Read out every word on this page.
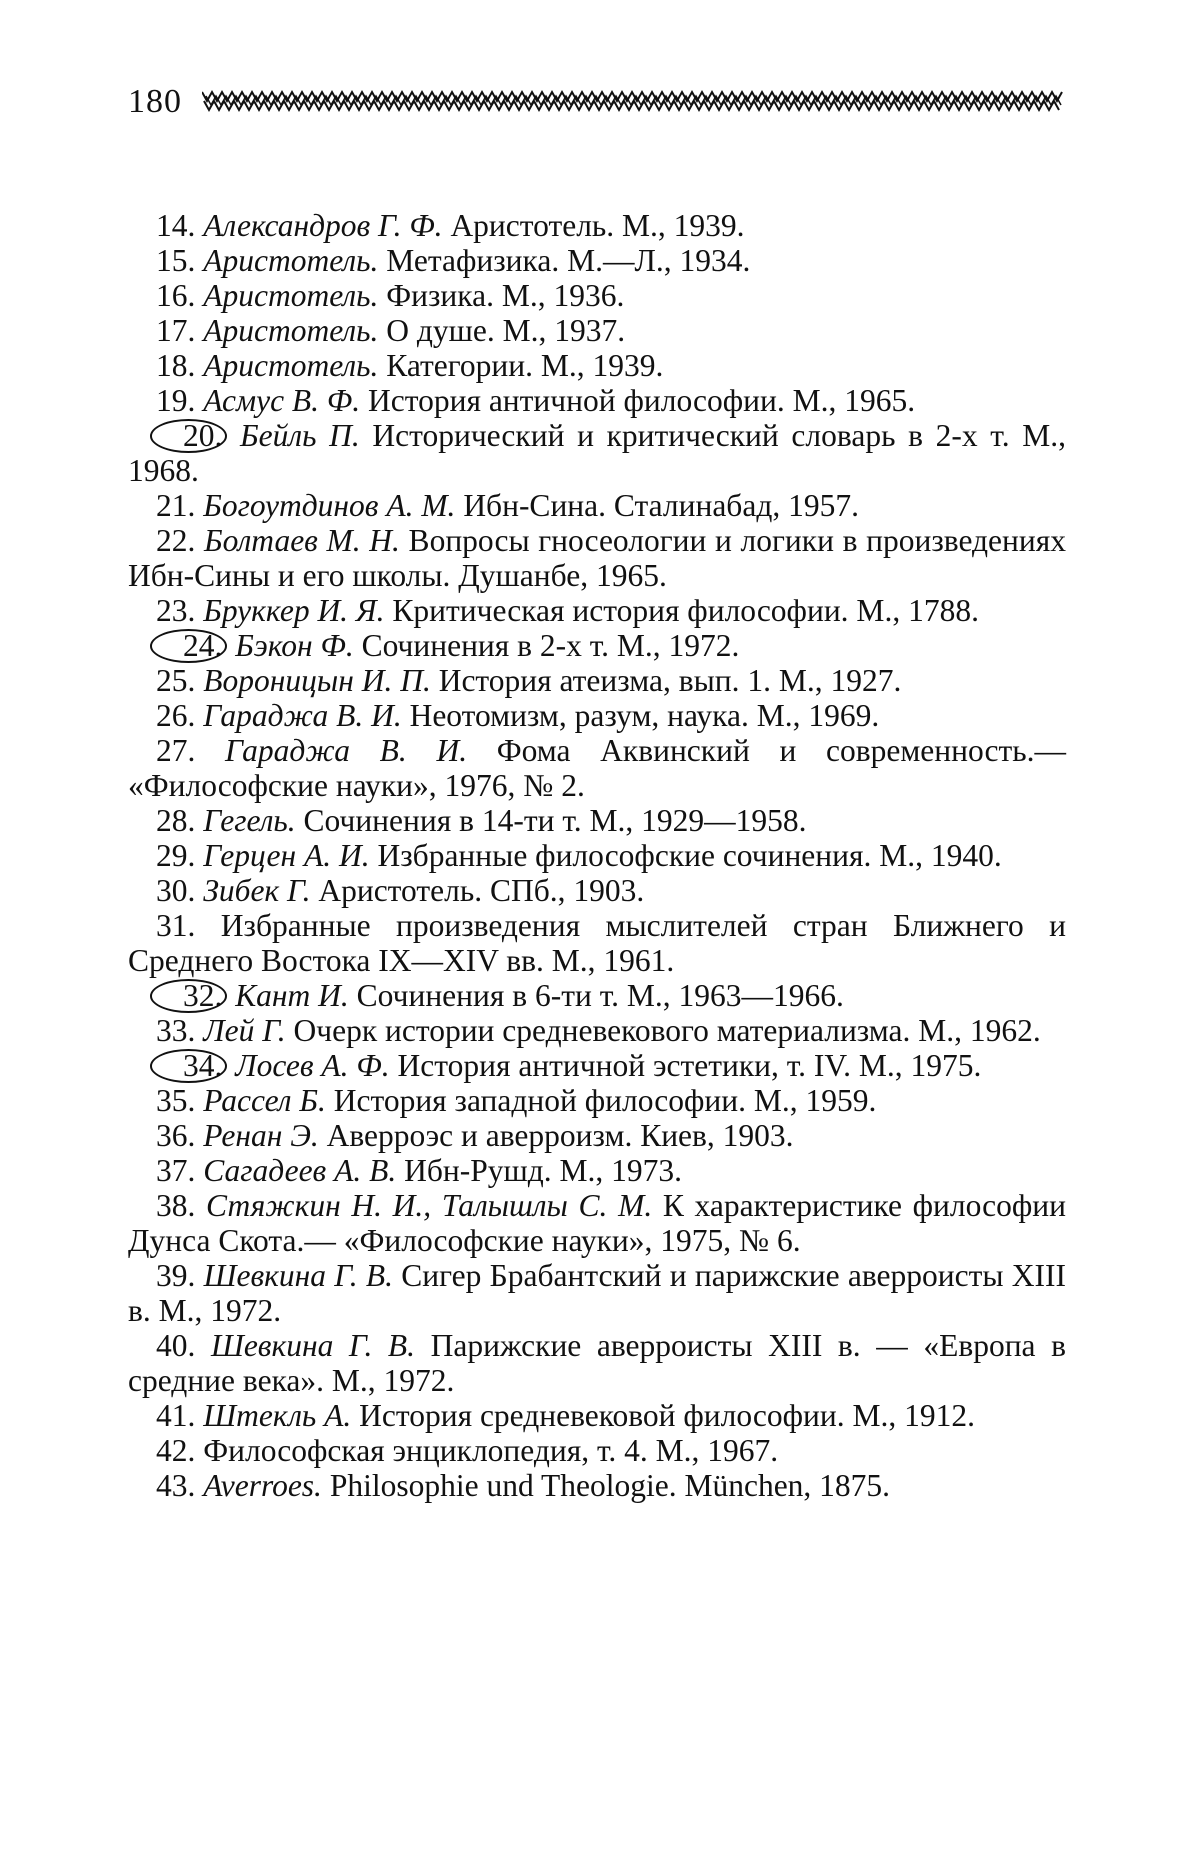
180

14. Александров Г. Ф. Аристотель. М., 1939.

15. Аристотель. Метафизика. М.—Л., 1934.

16. Аристотель. Физика. М., 1936.

17. Аристотель. О душе. М., 1937.

18. Аристотель. Категории. М., 1939.

19. Асмус В. Ф. История античной философии. М., 1965.

20. Бейль П. Исторический и критический словарь в 2-х т. М., 1968.

21. Богоутдинов А. М. Ибн-Сина. Сталинабад, 1957.

22. Болтаев М. Н. Вопросы гносеологии и логики в произведениях Ибн-Сины и его школы. Душанбе, 1965.

23. Бруккер И. Я. Критическая история философии. М., 1788.

24. Бэкон Ф. Сочинения в 2-х т. М., 1972.

25. Вороницын И. П. История атеизма, вып. 1. М., 1927.

26. Гараджа В. И. Неотомизм, разум, наука. М., 1969.

27. Гараджа В. И. Фома Аквинский и современность.— «Философские науки», 1976, № 2.

28. Гегель. Сочинения в 14-ти т. М., 1929—1958.

29. Герцен А. И. Избранные философские сочинения. М., 1940.

30. Зибек Г. Аристотель. СПб., 1903.

31. Избранные произведения мыслителей стран Ближнего и Среднего Востока IX—XIV вв. М., 1961.

32. Кант И. Сочинения в 6-ти т. М., 1963—1966.

33. Лей Г. Очерк истории средневекового материализма. М., 1962.

34. Лосев А. Ф. История античной эстетики, т. IV. М., 1975.

35. Рассел Б. История западной философии. М., 1959.

36. Ренан Э. Аверроэс и аверроизм. Киев, 1903.

37. Сагадеев А. В. Ибн-Рушд. М., 1973.

38. Стяжкин Н. И., Талышлы С. М. К характеристике философии Дунса Скота.— «Философские науки», 1975, № 6.

39. Шевкина Г. В. Сигер Брабантский и парижские аверроисты XIII в. М., 1972.

40. Шевкина Г. В. Парижские аверроисты XIII в. — «Европа в средние века». М., 1972.

41. Штекль А. История средневековой философии. М., 1912.

42. Философская энциклопедия, т. 4. М., 1967.

43. Averroes. Philosophie und Theologie. München, 1875.
